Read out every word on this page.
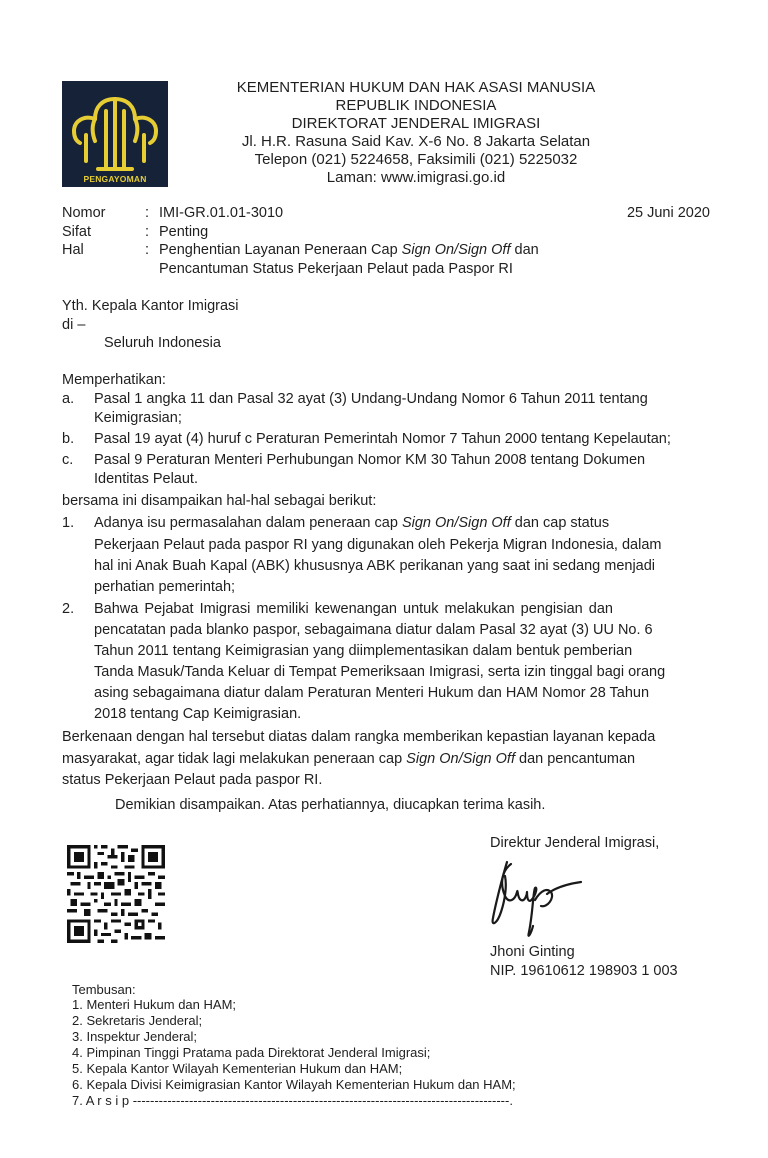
PENGAYOMAN
KEMENTERIAN HUKUM DAN HAK ASASI MANUSIA
REPUBLIK INDONESIA
DIREKTORAT JENDERAL IMIGRASI
Jl. H.R. Rasuna Said Kav. X-6 No. 8 Jakarta Selatan
Telepon (021) 5224658, Faksimili (021) 5225032
Laman: www.imigrasi.go.id
Nomor	: IMI-GR.01.01-3010	25 Juni 2020
Sifat	: Penting
Hal	: Penghentian Layanan Peneraan Cap Sign On/Sign Off dan
Pencantuman Status Pekerjaan Pelaut pada Paspor RI
Yth. Kepala Kantor Imigrasi
di –
Seluruh Indonesia
Memperhatikan:
a. Pasal 1 angka 11 dan Pasal 32 ayat (3) Undang-Undang Nomor 6 Tahun 2011 tentang
Keimigrasian;
b. Pasal 19 ayat (4) huruf c Peraturan Pemerintah Nomor 7 Tahun 2000 tentang Kepelautan;
c. Pasal 9 Peraturan Menteri Perhubungan Nomor KM 30 Tahun 2008 tentang Dokumen
Identitas Pelaut.
bersama ini disampaikan hal-hal sebagai berikut:
1. Adanya isu permasalahan dalam peneraan cap Sign On/Sign Off dan cap status
Pekerjaan Pelaut pada paspor RI yang digunakan oleh Pekerja Migran Indonesia, dalam
hal ini Anak Buah Kapal (ABK) khususnya ABK perikanan yang saat ini sedang menjadi
perhatian pemerintah;
2. Bahwa Pejabat Imigrasi memiliki kewenangan untuk melakukan pengisian dan
pencatatan pada blanko paspor, sebagaimana diatur dalam Pasal 32 ayat (3) UU No. 6
Tahun 2011 tentang Keimigrasian yang diimplementasikan dalam bentuk pemberian
Tanda Masuk/Tanda Keluar di Tempat Pemeriksaan Imigrasi, serta izin tinggal bagi orang
asing sebagaimana diatur dalam Peraturan Menteri Hukum dan HAM Nomor 28 Tahun
2018 tentang Cap Keimigrasian.
Berkenaan dengan hal tersebut diatas dalam rangka memberikan kepastian layanan kepada
masyarakat, agar tidak lagi melakukan peneraan cap Sign On/Sign Off dan pencantuman
status Pekerjaan Pelaut pada paspor RI.
Demikian disampaikan. Atas perhatiannya, diucapkan terima kasih.
Direktur Jenderal Imigrasi,
Jhoni Ginting
NIP. 19610612 198903 1 003
Tembusan:
1. Menteri Hukum dan HAM;
2. Sekretaris Jenderal;
3. Inspektur Jenderal;
4. Pimpinan Tinggi Pratama pada Direktorat Jenderal Imigrasi;
5. Kepala Kantor Wilayah Kementerian Hukum dan HAM;
6. Kepala Divisi Keimigrasian Kantor Wilayah Kementerian Hukum dan HAM;
7. A r s i p ---------------------------------------------------------------------------------------.
